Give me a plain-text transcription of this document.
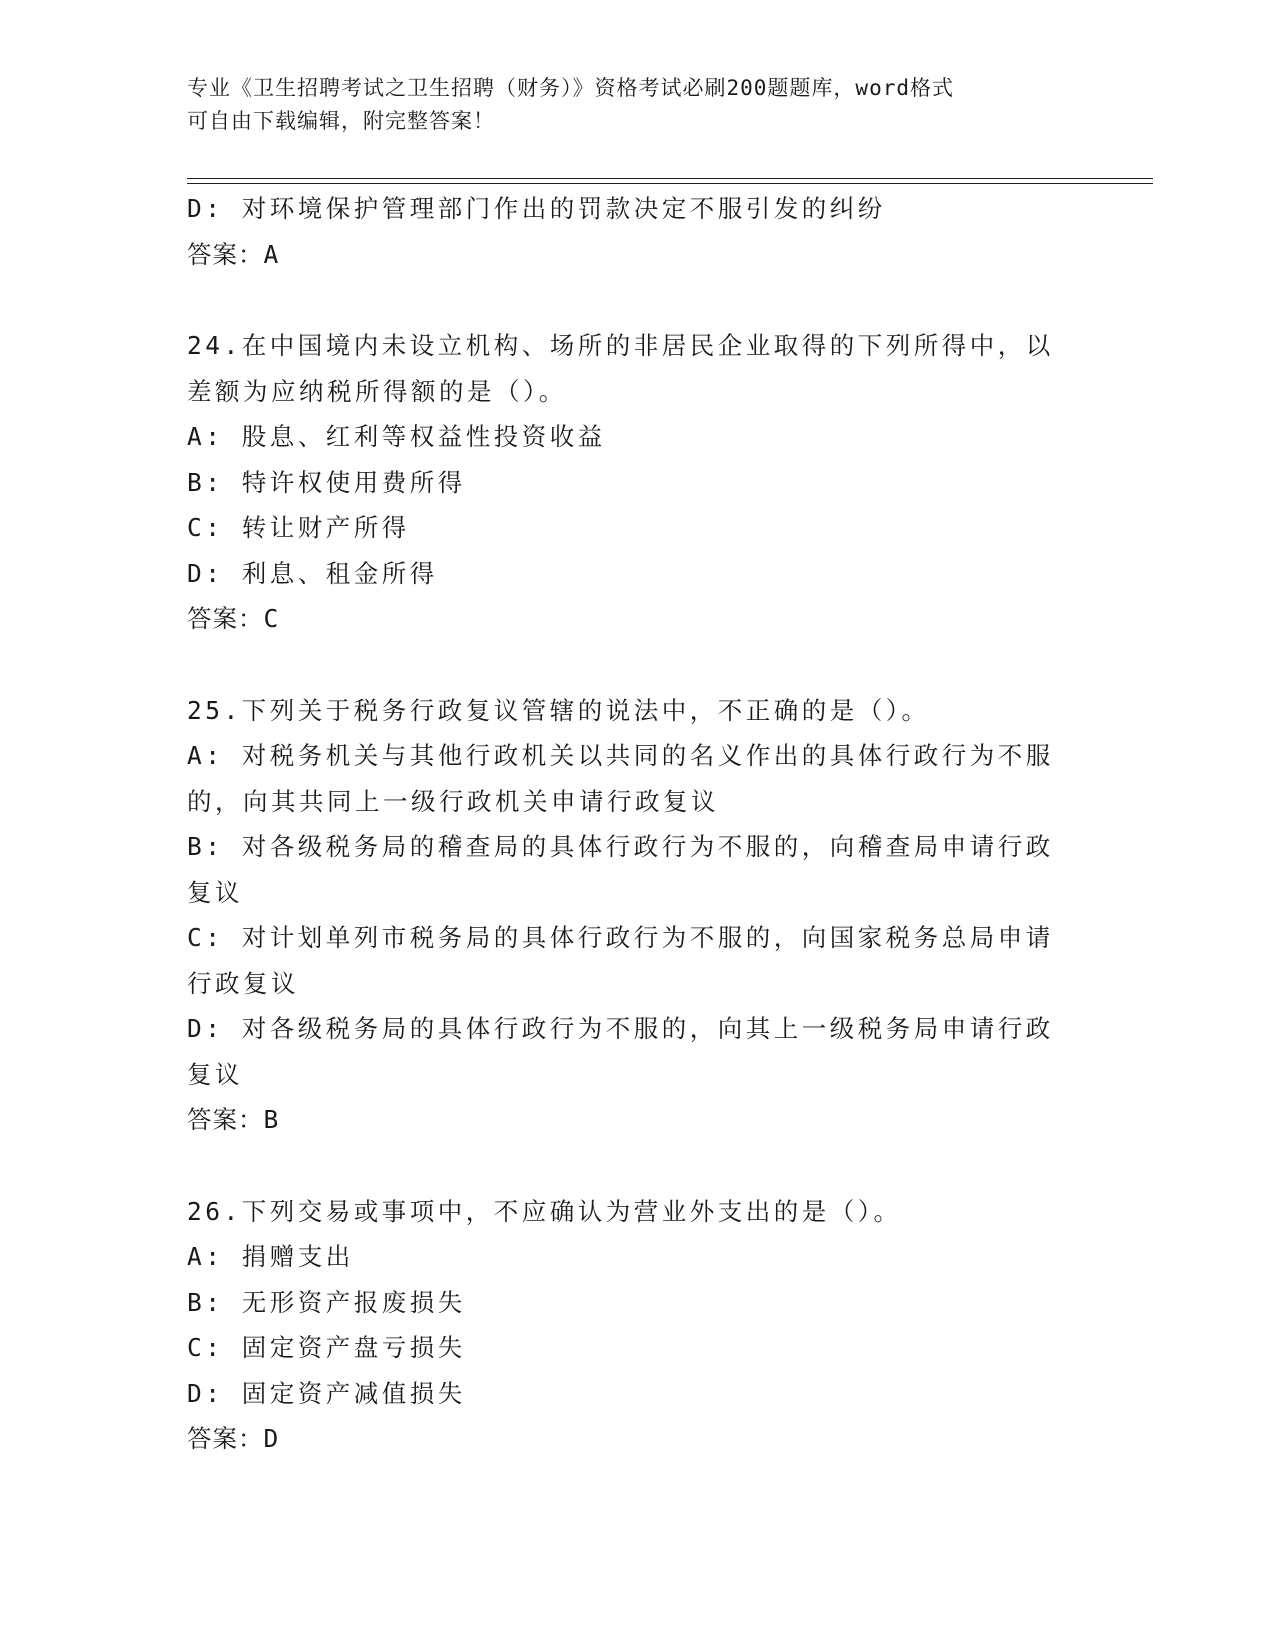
专业《卫生招聘考试之卫生招聘（财务）》资格考试必刷200题题库，word格式

可自由下载编辑，附完整答案！

D: 对环境保护管理部门作出的罚款决定不服引发的纠纷

答案：A

24.在中国境内未设立机构、场所的非居民企业取得的下列所得中，以

差额为应纳税所得额的是（）。

A: 股息、红利等权益性投资收益

B: 特许权使用费所得

C: 转让财产所得

D: 利息、租金所得

答案：C

25.下列关于税务行政复议管辖的说法中，不正确的是（）。

A: 对税务机关与其他行政机关以共同的名义作出的具体行政行为不服

的，向其共同上一级行政机关申请行政复议

B: 对各级税务局的稽查局的具体行政行为不服的，向稽查局申请行政

复议

C: 对计划单列市税务局的具体行政行为不服的，向国家税务总局申请

行政复议

D: 对各级税务局的具体行政行为不服的，向其上一级税务局申请行政

复议

答案：B

26.下列交易或事项中，不应确认为营业外支出的是（）。

A: 捐赠支出

B: 无形资产报废损失

C: 固定资产盘亏损失

D: 固定资产减值损失

答案：D
